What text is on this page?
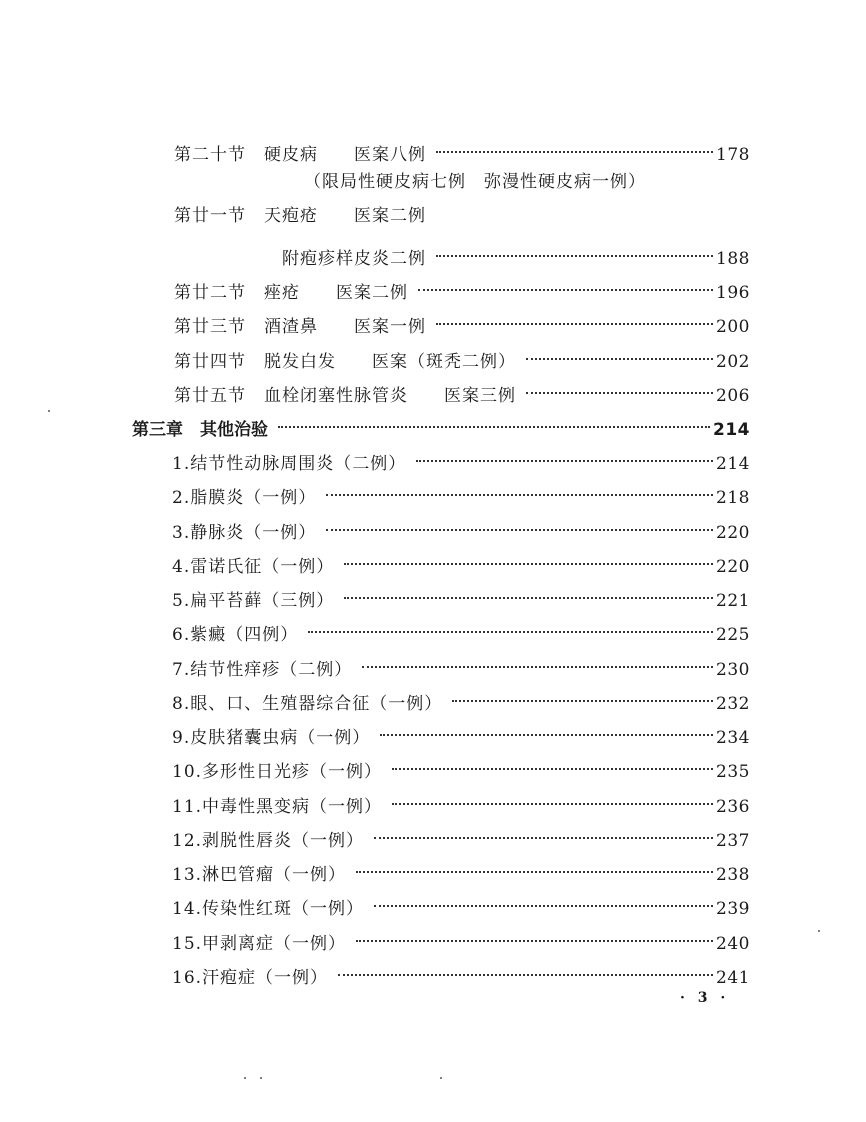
第二十节　硬皮病　　医案八例	178
（限局性硬皮病七例　弥漫性硬皮病一例）
第廿一节　天疱疮　　医案二例
附疱疹样皮炎二例	188
第廿二节　痤疮　　医案二例	196
第廿三节　酒渣鼻　　医案一例	200
第廿四节　脱发白发　　医案（斑秃二例）	202
第廿五节　血栓闭塞性脉管炎　　医案三例	206
第三章　其他治验	214
1.结节性动脉周围炎（二例）	214
2.脂膜炎（一例）	218
3.静脉炎（一例）	220
4.雷诺氏征（一例）	220
5.扁平苔藓（三例）	221
6.紫癜（四例）	225
7.结节性痒疹（二例）	230
8.眼、口、生殖器综合征（一例）	232
9.皮肤猪囊虫病（一例）	234
10.多形性日光疹（一例）	235
11.中毒性黑变病（一例）	236
12.剥脱性唇炎（一例）	237
13.淋巴管瘤（一例）	238
14.传染性红斑（一例）	239
15.甲剥离症（一例）	240
16.汗疱症（一例）	241
· 3 ·
